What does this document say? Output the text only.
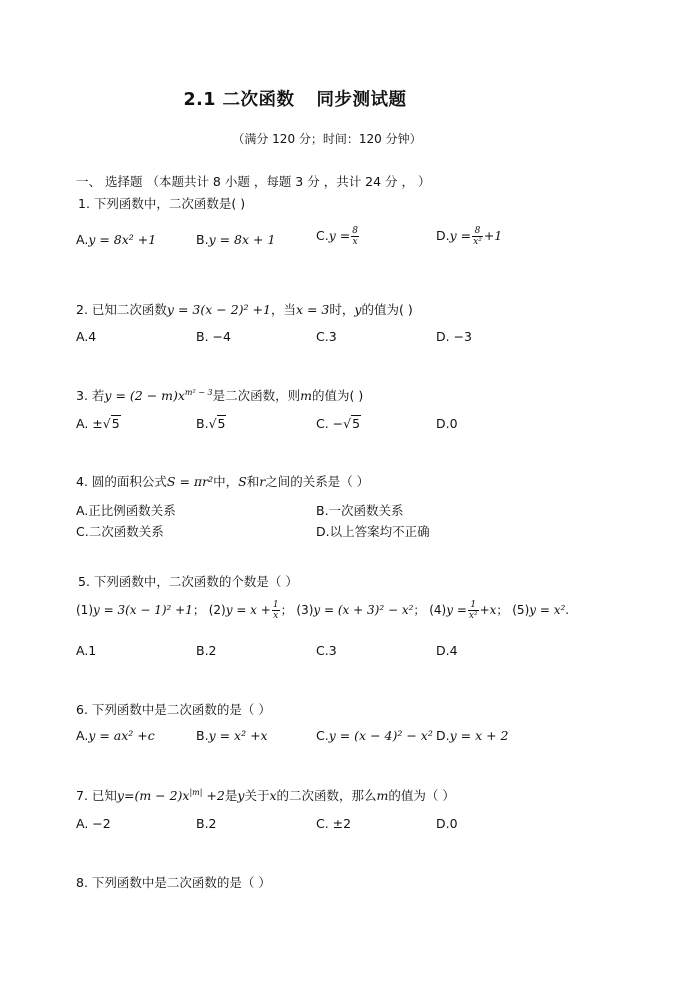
2.1 二次函数 同步测试题
（满分 120 分；时间：120 分钟）
一、 选择题 （本题共计 8 小题 ，每题 3 分 ，共计 24 分 ， ）
1. 下列函数中，二次函数是( )
A.y = 8x² +1	B.y = 8x + 1	$C.y = \frac{8}{x}$	$D.y = \frac{8}{\text{x²}} +1$
2. 已知二次函数y = 3(x − 2)² +1，当x = 3时，y的值为( )
A.4	B. −4	C.3	D. −3
3. 若$y = (2 - m)x^{m^2 - 3}$是二次函数，则m的值为( )
A. ±√5	B.√5	C. −√5	D.0
4. 圆的面积公式S = πr²中，S和r之间的关系是（ ）
A.正比例函数关系	B.一次函数关系
C.二次函数关系	D.以上答案均不正确
5. 下列函数中，二次函数的个数是（ ）
(1)y = 3(x − 1)² +1； $(2)y = x + \frac{1}{x}$ ； (3)y = (x + 3)² − x²； $(4)y = \frac{1}{\text{x²}} +x$； (5)y = x².
A.1	B.2	C.3	D.4
6. 下列函数中是二次函数的是（ ）
A.y = ax² +c	B.y = x² +x	C.y = (x − 4)² − x² D.y = x + 2
7. 已知$y=(m - 2)x^{|m|} +2$是y关于x的二次函数，那么m的值为（ ）
A. −2	B.2	C. ±2	D.0
8. 下列函数中是二次函数的是（ ）
